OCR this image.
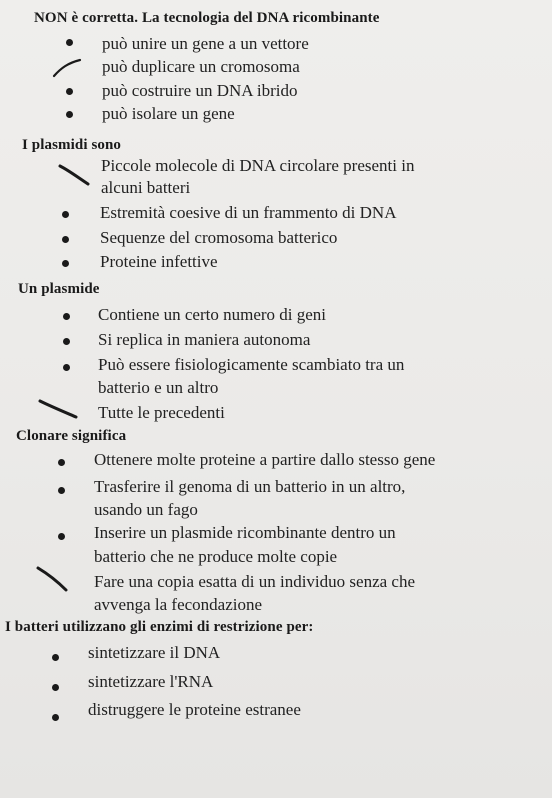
NON è corretta. La tecnologia del DNA ricombinante
può unire un gene a un vettore
può duplicare un cromosoma
può costruire un DNA ibrido
può isolare un gene
I plasmidi sono
Piccole molecole di DNA circolare presenti in
alcuni batteri
Estremità coesive di un frammento di DNA
Sequenze del cromosoma batterico
Proteine infettive
Un plasmide
Contiene un certo numero di geni
Si replica in maniera autonoma
Può essere fisiologicamente scambiato tra un
batterio e un altro
Tutte le precedenti
Clonare significa
Ottenere molte proteine a partire dallo stesso gene
Trasferire il genoma di un batterio in un altro,
usando un fago
Inserire un plasmide ricombinante dentro un
batterio che ne produce molte copie
Fare una copia esatta di un individuo senza che
avvenga la fecondazione
I batteri utilizzano gli enzimi di restrizione per:
sintetizzare il DNA
sintetizzare l'RNA
distruggere le proteine estranee
